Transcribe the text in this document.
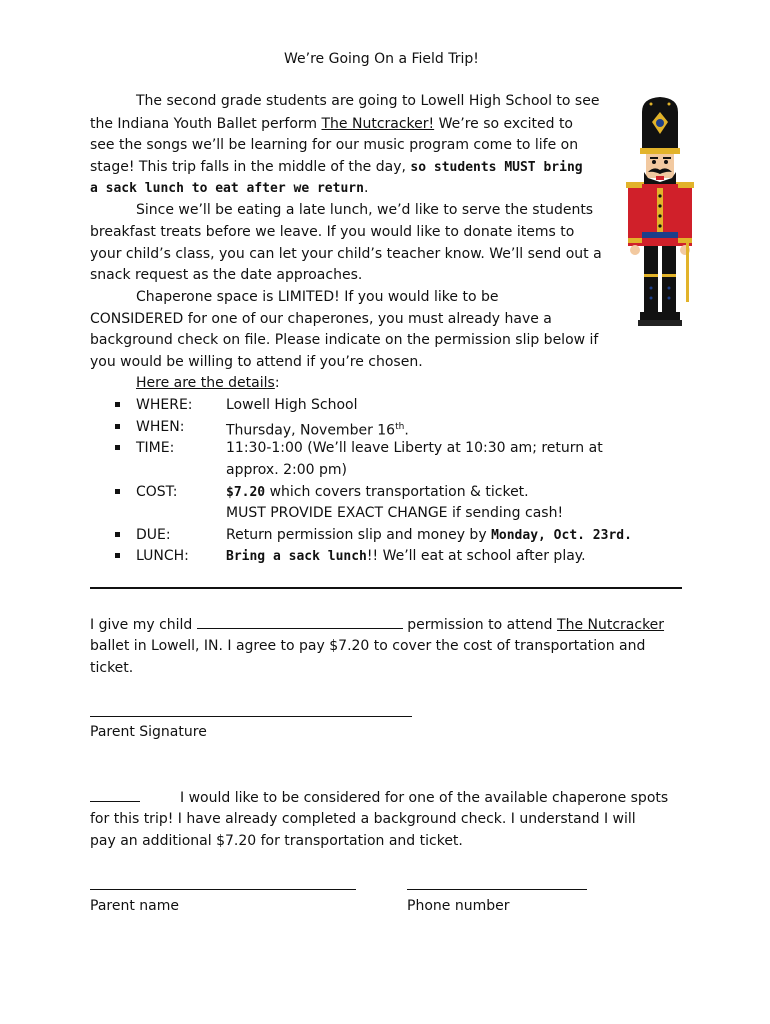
We’re Going On a Field Trip!
The second grade students are going to Lowell High School to see
the Indiana Youth Ballet perform The Nutcracker! We’re so excited to
see the songs we’ll be learning for our music program come to life on
stage! This trip falls in the middle of the day, so students MUST bring
a sack lunch to eat after we return.
Since we’ll be eating a late lunch, we’d like to serve the students
breakfast treats before we leave. If you would like to donate items to
your child’s class, you can let your child’s teacher know. We’ll send out a
snack request as the date approaches.
Chaperone space is LIMITED! If you would like to be
CONSIDERED for one of our chaperones, you must already have a
background check on file. Please indicate on the permission slip below if
you would be willing to attend if you’re chosen.
Here are the details:
WHERE: Lowell High School
WHEN:	Thursday, November 16th.
TIME:	11:30-1:00 (We’ll leave Liberty at 10:30 am; return at
approx. 2:00 pm)
COST:	$7.20 which covers transportation & ticket.
MUST PROVIDE EXACT CHANGE if sending cash!
DUE:	Return permission slip and money by Monday, Oct. 23rd.
LUNCH:	Bring a sack lunch!! We’ll eat at school after play.
I give my child	permission to attend The Nutcracker
ballet in Lowell, IN. I agree to pay $7.20 to cover the cost of transportation and
ticket.
Parent Signature
I would like to be considered for one of the available chaperone spots
for this trip! I have already completed a background check. I understand I will
pay an additional $7.20 for transportation and ticket.
Parent name	Phone number
